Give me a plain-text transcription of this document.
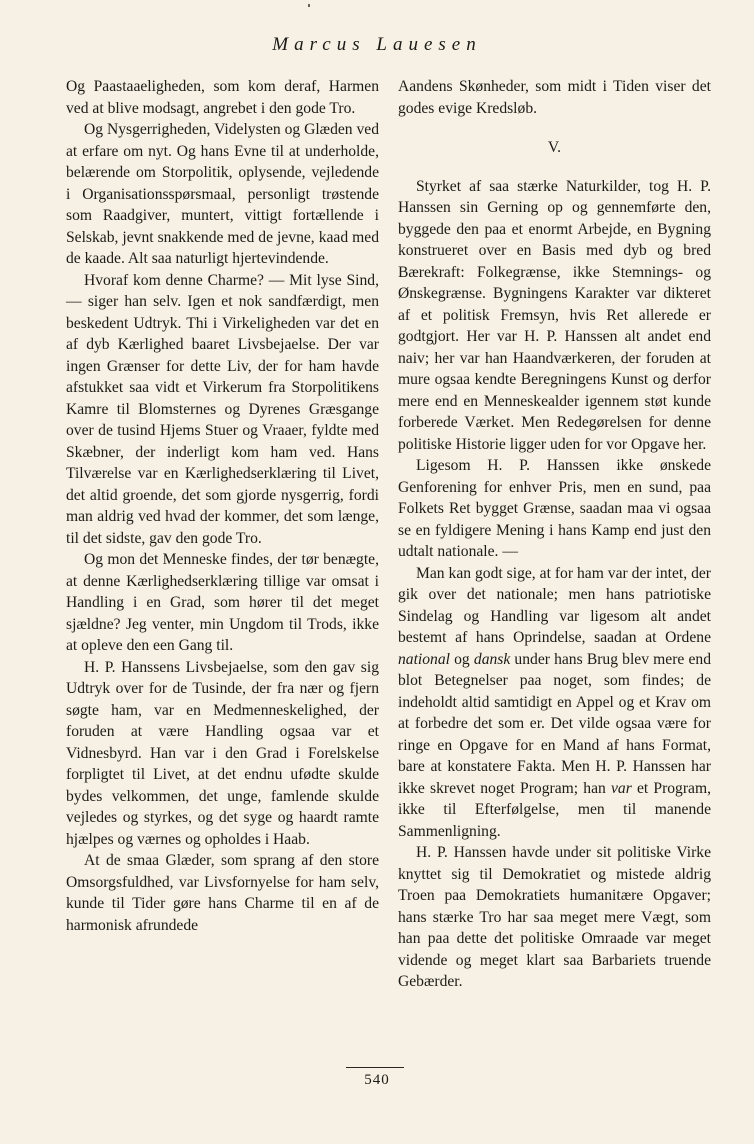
Marcus Lauesen

Og Paastaaeligheden, som kom deraf, Harmen ved at blive modsagt, angrebet i den gode Tro.

Og Nysgerrigheden, Videlysten og Glæden ved at erfare om nyt. Og hans Evne til at underholde, belærende om Storpolitik, oplysende, vejledende i Organisationsspørsmaal, personligt trøstende som Raadgiver, muntert, vittigt fortællende i Selskab, jevnt snakkende med de jevne, kaad med de kaade. Alt saa naturligt hjertevindende.

Hvoraf kom denne Charme? — Mit lyse Sind, — siger han selv. Igen et nok sandfærdigt, men beskedent Udtryk. Thi i Virkeligheden var det en af dyb Kærlighed baaret Livsbejaelse. Der var ingen Grænser for dette Liv, der for ham havde afstukket saa vidt et Virkerum fra Storpolitikens Kamre til Blomsternes og Dyrenes Græsgange over de tusind Hjems Stuer og Vraaer, fyldte med Skæbner, der inderligt kom ham ved. Hans Tilværelse var en Kærlighedserklæring til Livet, det altid groende, det som gjorde nysgerrig, fordi man aldrig ved hvad der kommer, det som længe, til det sidste, gav den gode Tro.

Og mon det Menneske findes, der tør benægte, at denne Kærlighedserklæring tillige var omsat i Handling i en Grad, som hører til det meget sjældne? Jeg venter, min Ungdom til Trods, ikke at opleve den een Gang til.

H. P. Hanssens Livsbejaelse, som den gav sig Udtryk over for de Tusinde, der fra nær og fjern søgte ham, var en Medmenneskelighed, der foruden at være Handling ogsaa var et Vidnesbyrd. Han var i den Grad i Forelskelse forpligtet til Livet, at det endnu ufødte skulde bydes velkommen, det unge, famlende skulde vejledes og styrkes, og det syge og haardt ramte hjælpes og værnes og opholdes i Haab.

At de smaa Glæder, som sprang af den store Omsorgsfuldhed, var Livsfornyelse for ham selv, kunde til Tider gøre hans Charme til en af de harmonisk afrundede

Aandens Skønheder, som midt i Tiden viser det godes evige Kredsløb.

V.

Styrket af saa stærke Naturkilder, tog H. P. Hanssen sin Gerning op og gennemførte den, byggede den paa et enormt Arbejde, en Bygning konstrueret over en Basis med dyb og bred Bærekraft: Folkegrænse, ikke Stemnings- og Ønskegrænse. Bygningens Karakter var dikteret af et politisk Fremsyn, hvis Ret allerede er godtgjort. Her var H. P. Hanssen alt andet end naiv; her var han Haandværkeren, der foruden at mure ogsaa kendte Beregningens Kunst og derfor mere end en Menneskealder igennem støt kunde forberede Værket. Men Redegørelsen for denne politiske Historie ligger uden for vor Opgave her.

Ligesom H. P. Hanssen ikke ønskede Genforening for enhver Pris, men en sund, paa Folkets Ret bygget Grænse, saadan maa vi ogsaa se en fyldigere Mening i hans Kamp end just den udtalt nationale. —

Man kan godt sige, at for ham var der intet, der gik over det nationale; men hans patriotiske Sindelag og Handling var ligesom alt andet bestemt af hans Oprindelse, saadan at Ordene national og dansk under hans Brug blev mere end blot Betegnelser paa noget, som findes; de indeholdt altid samtidigt en Appel og et Krav om at forbedre det som er. Det vilde ogsaa være for ringe en Opgave for en Mand af hans Format, bare at konstatere Fakta. Men H. P. Hanssen har ikke skrevet noget Program; han var et Program, ikke til Efterfølgelse, men til manende Sammenligning.

H. P. Hanssen havde under sit politiske Virke knyttet sig til Demokratiet og mistede aldrig Troen paa Demokratiets humanitære Opgaver; hans stærke Tro har saa meget mere Vægt, som han paa dette det politiske Omraade var meget vidende og meget klart saa Barbariets truende Gebærder.

540
